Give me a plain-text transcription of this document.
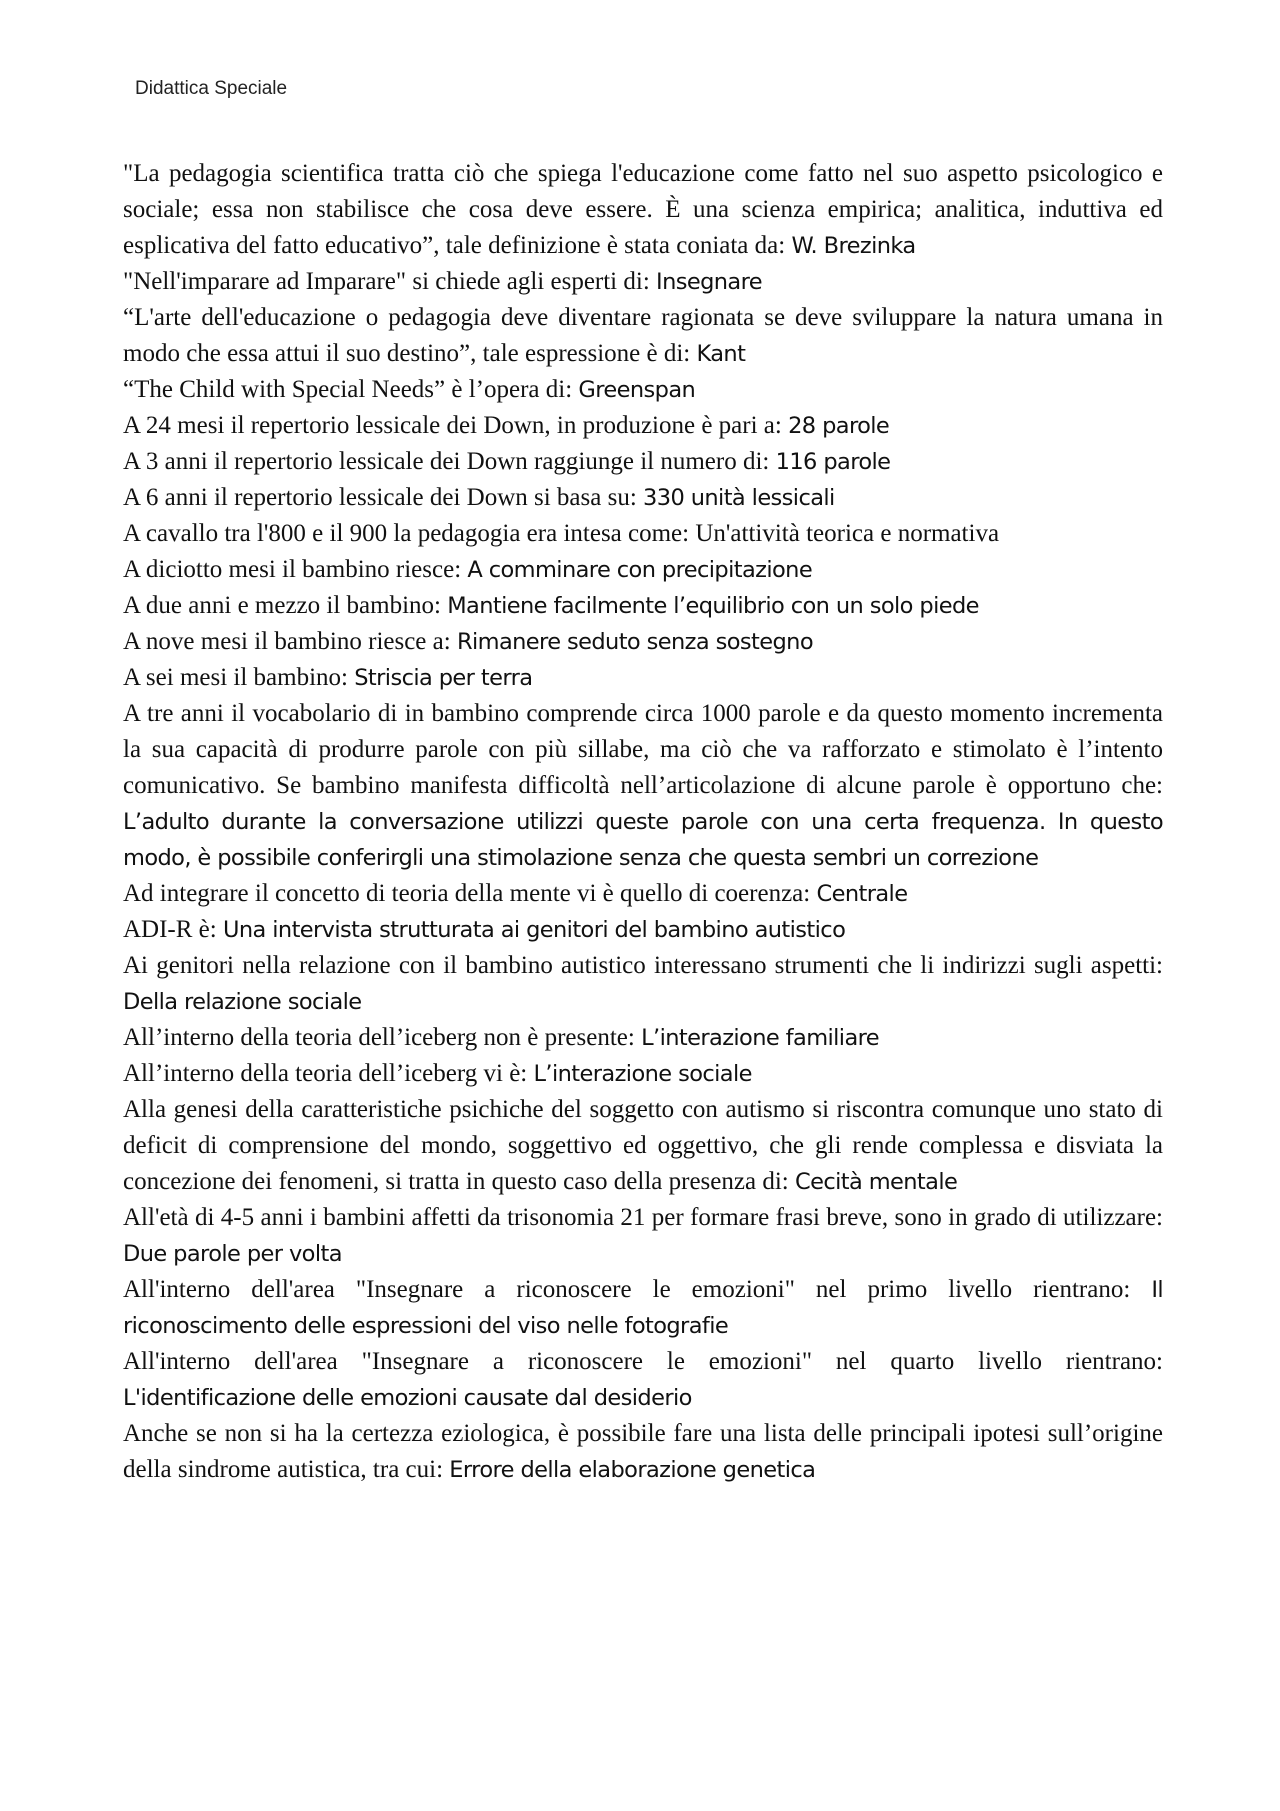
Didattica Speciale

"La pedagogia scientifica tratta ciò che spiega l'educazione come fatto nel suo aspetto psicologico e sociale; essa non stabilisce che cosa deve essere. È una scienza empirica; analitica, induttiva ed esplicativa del fatto educativo”, tale definizione è stata coniata da: W. Brezinka

"Nell'imparare ad Imparare" si chiede agli esperti di: Insegnare

“L'arte dell'educazione o pedagogia deve diventare ragionata se deve sviluppare la natura umana in modo che essa attui il suo destino”, tale espressione è di: Kant

“The Child with Special Needs” è l’opera di: Greenspan

A 24 mesi il repertorio lessicale dei Down, in produzione è pari a: 28 parole

A 3 anni il repertorio lessicale dei Down raggiunge il numero di: 116 parole

A 6 anni il repertorio lessicale dei Down si basa su: 330 unità lessicali

A cavallo tra l'800 e il 900 la pedagogia era intesa come: Un'attività teorica e normativa

A diciotto mesi il bambino riesce: A comminare con precipitazione

A due anni e mezzo il bambino: Mantiene facilmente l’equilibrio con un solo piede

A nove mesi il bambino riesce a: Rimanere seduto senza sostegno

A sei mesi il bambino: Striscia per terra

A tre anni il vocabolario di in bambino comprende circa 1000 parole e da questo momento incrementa la sua capacità di produrre parole con più sillabe, ma ciò che va rafforzato e stimolato è l’intento comunicativo. Se bambino manifesta difficoltà nell’articolazione di alcune parole è opportuno che: L’adulto durante la conversazione utilizzi queste parole con una certa frequenza. In questo modo, è possibile conferirgli una stimolazione senza che questa sembri un correzione

Ad integrare il concetto di teoria della mente vi è quello di coerenza: Centrale

ADI-R è: Una intervista strutturata ai genitori del bambino autistico

Ai genitori nella relazione con il bambino autistico interessano strumenti che li indirizzi sugli aspetti: Della relazione sociale

All’interno della teoria dell’iceberg non è presente: L’interazione familiare

All’interno della teoria dell’iceberg vi è: L’interazione sociale

Alla genesi della caratteristiche psichiche del soggetto con autismo si riscontra comunque uno stato di deficit di comprensione del mondo, soggettivo ed oggettivo, che gli rende complessa e disviata la concezione dei fenomeni, si tratta in questo caso della presenza di: Cecità mentale

All'età di 4-5 anni i bambini affetti da trisonomia 21 per formare frasi breve, sono in grado di utilizzare: Due parole per volta

All'interno dell'area "Insegnare a riconoscere le emozioni" nel primo livello rientrano: Il riconoscimento delle espressioni del viso nelle fotografie

All'interno dell'area "Insegnare a riconoscere le emozioni" nel quarto livello rientrano: L'identificazione delle emozioni causate dal desiderio

Anche se non si ha la certezza eziologica, è possibile fare una lista delle principali ipotesi sull’origine della sindrome autistica, tra cui: Errore della elaborazione genetica
